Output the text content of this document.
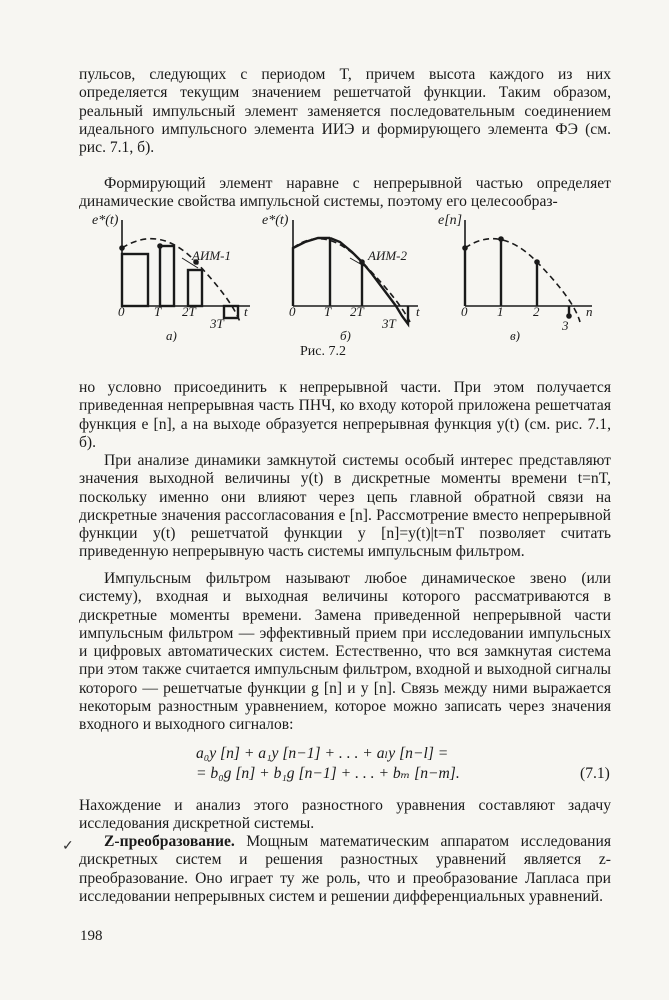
пульсов, следующих с периодом T, причем высота каждого из них определяется текущим значением решетчатой функции. Таким образом, реальный импульсный элемент заменяется последовательным соединением идеального импульсного элемента ИИЭ и формирующего элемента ФЭ (см. рис. 7.1, б).

Формирующий элемент наравне с непрерывной частью определяет динамические свойства импульсной системы, поэтому его целесообраз-

e*(t)
АИМ-1
0 T 2T
3T
t
а)
e*(t)
АИМ-2
0 T 2T
3T
t
б)
e[n]
0 1 2
3
n
в)
Рис. 7.2

но условно присоединить к непрерывной части. При этом получается приведенная непрерывная часть ПНЧ, ко входу которой приложена решетчатая функция e [n], а на выходе образуется непрерывная функция y(t) (см. рис. 7.1, б).

При анализе динамики замкнутой системы особый интерес представляют значения выходной величины y(t) в дискретные моменты времени t=nT, поскольку именно они влияют через цепь главной обратной связи на дискретные значения рассогласования e [n]. Рассмотрение вместо непрерывной функции y(t) решетчатой функции y [n]=y(t)|t=nT позволяет считать приведенную непрерывную часть системы импульсным фильтром.

Импульсным фильтром называют любое динамическое звено (или систему), входная и выходная величины которого рассматриваются в дискретные моменты времени. Замена приведенной непрерывной части импульсным фильтром — эффективный прием при исследовании импульсных и цифровых автоматических систем. Естественно, что вся замкнутая система при этом также считается импульсным фильтром, входной и выходной сигналы которого — решетчатые функции g [n] и y [n]. Связь между ними выражается некоторым разностным уравнением, которое можно записать через значения входного и выходного сигналов:

a₀y [n] + a₁y [n−1] + . . . + aₗy [n−l] =
= b₀g [n] + b₁g [n−1] + . . . + bₘ [n−m].	(7.1)

Нахождение и анализ этого разностного уравнения составляют задачу исследования дискретной системы.

✓	Z-преобразование. Мощным математическим аппаратом исследования дискретных систем и решения разностных уравнений является z-преобразование. Оно играет ту же роль, что и преобразование Лапласа при исследовании непрерывных систем и решении дифференциальных уравнений.

198
